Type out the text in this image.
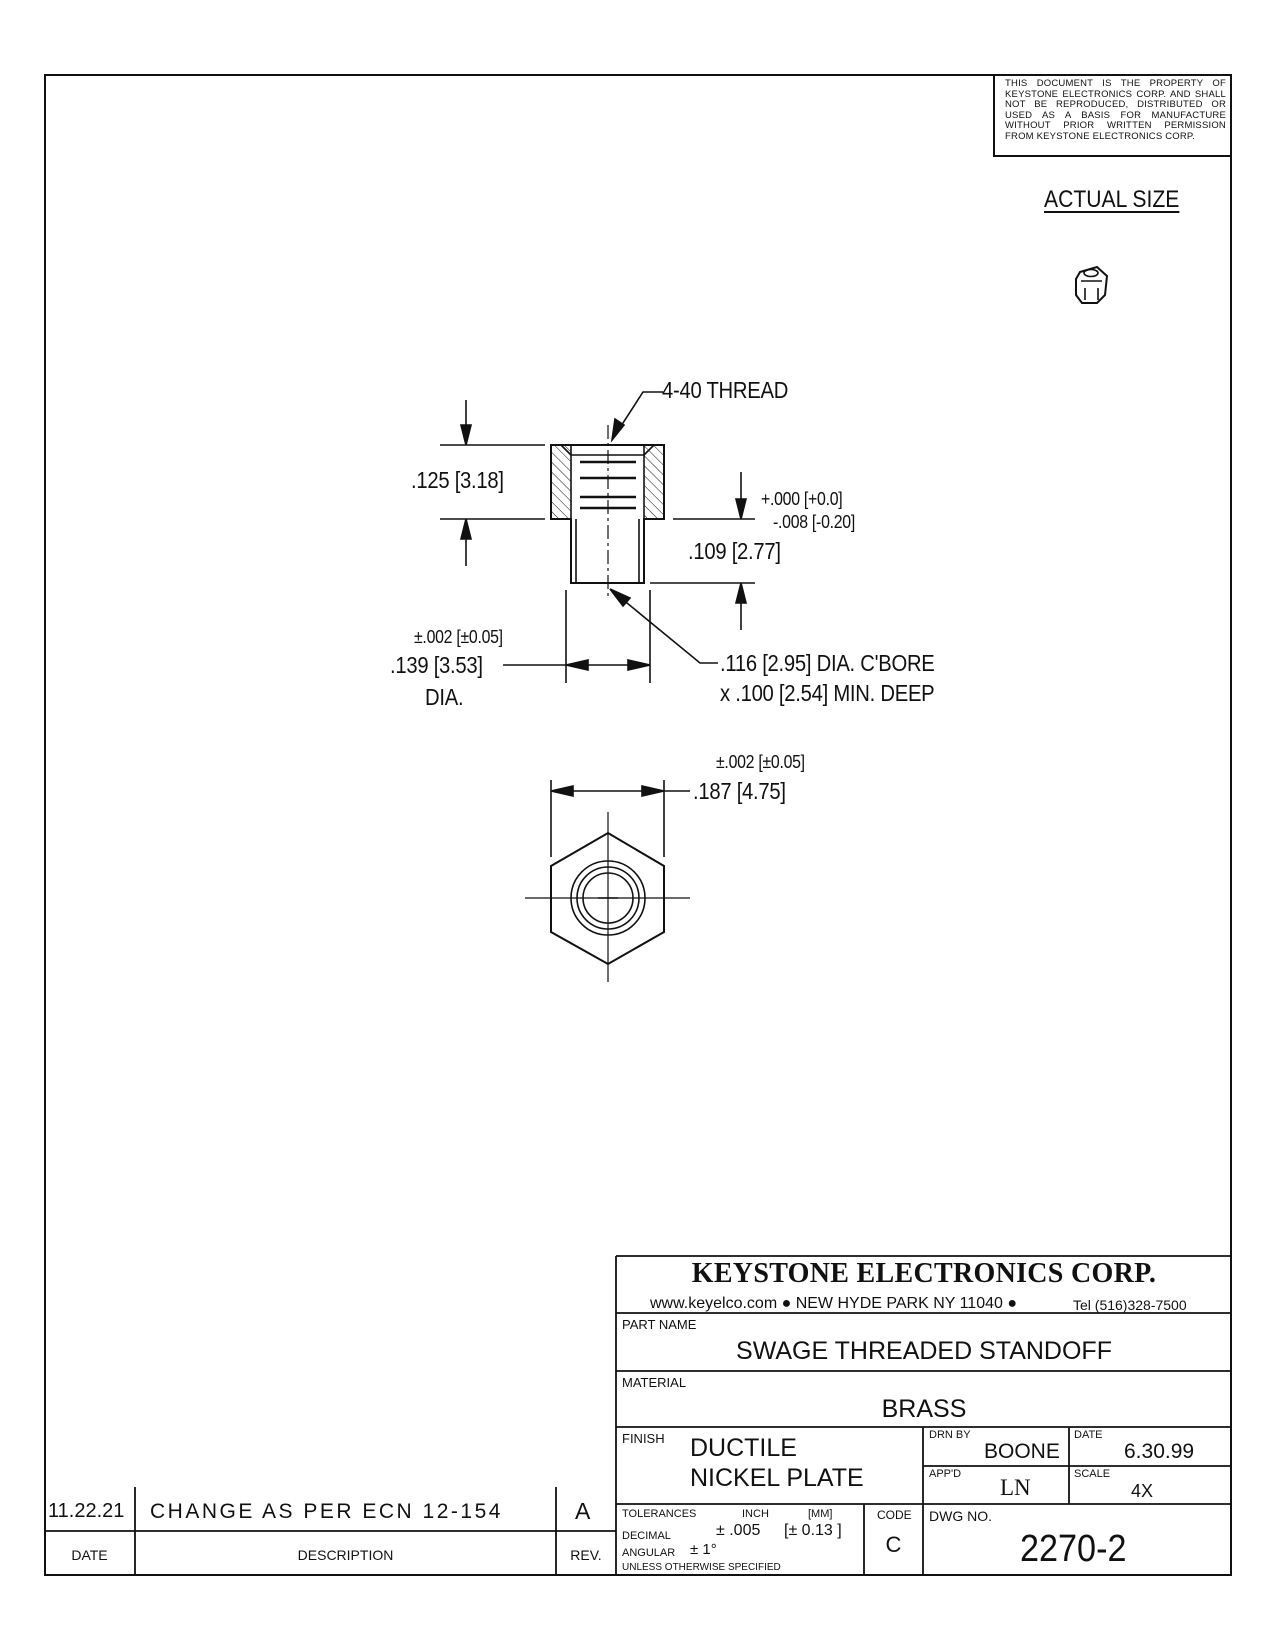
THIS DOCUMENT IS THE PROPERTY OF KEYSTONE ELECTRONICS CORP. AND SHALL NOT BE REPRODUCED, DISTRIBUTED OR USED AS A BASIS FOR MANUFACTURE WITHOUT PRIOR WRITTEN PERMISSION FROM KEYSTONE ELECTRONICS CORP.
ACTUAL SIZE
4-40 THREAD
.125 [3.18]
+.000 [+0.0]
-.008 [-0.20]
.109 [2.77]
±.002 [±0.05]
.139 [3.53]
DIA.
.116 [2.95] DIA. C'BORE
x .100 [2.54] MIN. DEEP
±.002 [±0.05]
.187 [4.75]
KEYSTONE ELECTRONICS CORP.
www.keyelco.com ● NEW HYDE PARK NY 11040 ●	Tel (516)328-7500
PART NAME
SWAGE THREADED STANDOFF
MATERIAL
BRASS
FINISH DUCTILE
NICKEL PLATE
DRN BY
BOONE
DATE
6.30.99
APP'D
LN
SCALE
4X
TOLERANCES	INCH	[MM]	CODE
DECIMAL	± .005 [± 0.13 ]
ANGULAR ± 1°
UNLESS OTHERWISE SPECIFIED
C
DWG NO.
2270-2
11.22.21 CHANGE AS PER ECN 12-154	A
DATE	DESCRIPTION	REV.
